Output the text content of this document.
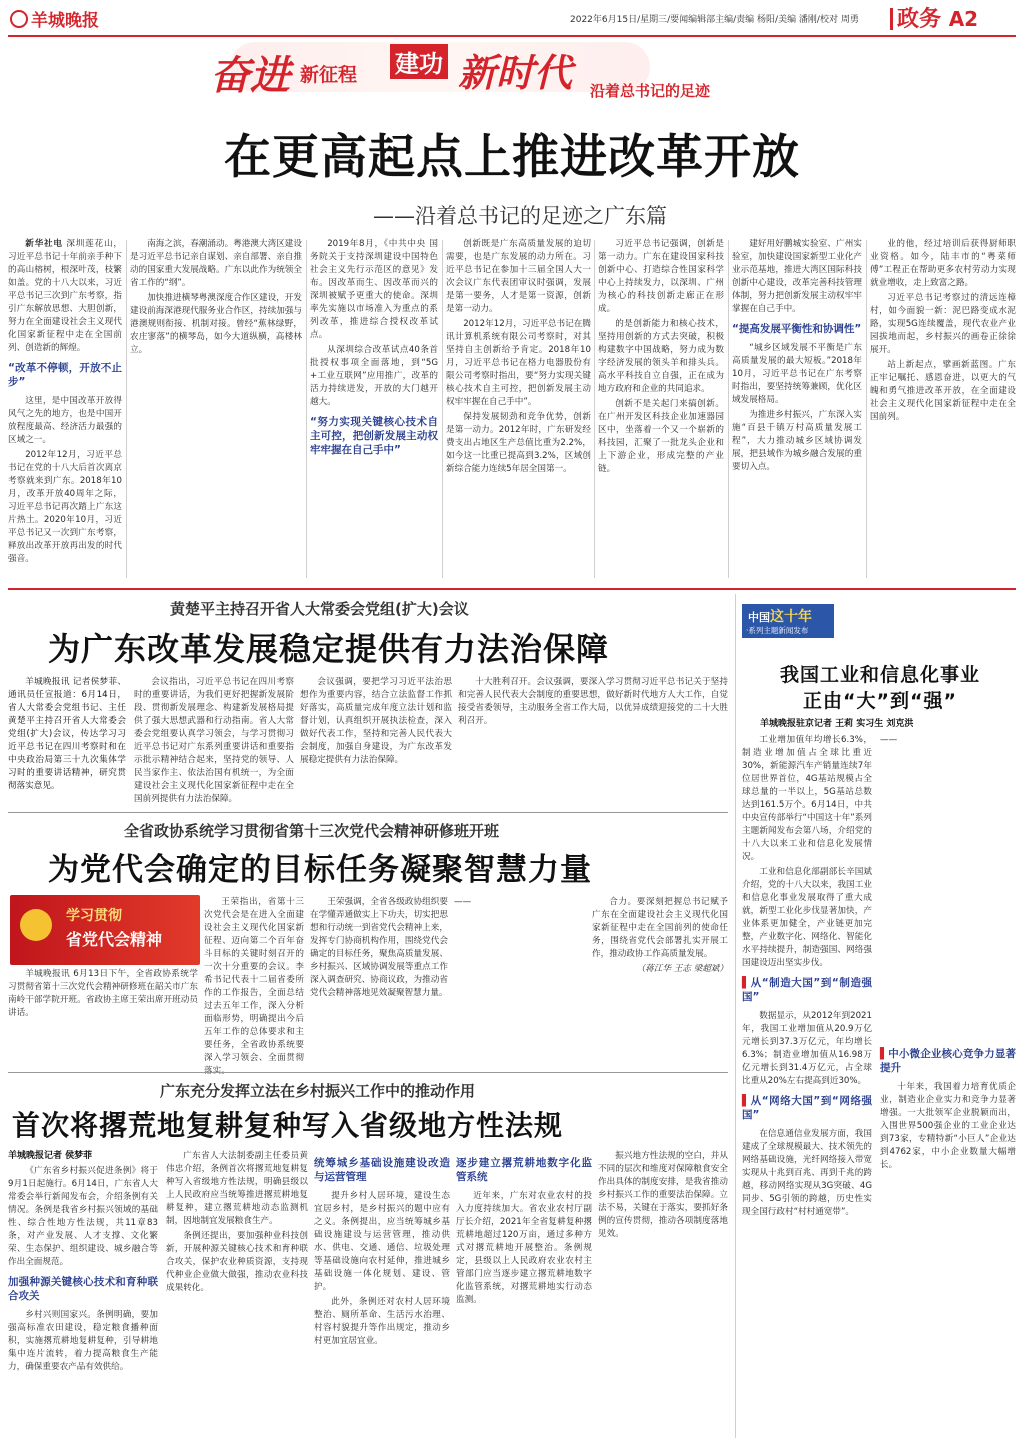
羊城晚报	2022年6月15日/星期三/要闻编辑部主编/责编 杨阳/美编 潘刚/校对 周勇	政务 A2
奋进 新征程 建功 新时代 沿着总书记的足迹
在更高起点上推进改革开放
——沿着总书记的足迹之广东篇

新华社电 深圳莲花山，习近平总书记十年前亲手种下的高山榕树，根深叶茂，枝繁如盖。党的十八大以来，习近平总书记三次到广东考察，指引广东解放思想、大胆创新，努力在全面建设社会主义现代化国家新征程中走在全国前列、创造新的辉煌。

“改革不停顿，开放不止步”

这里，是中国改革开放得风气之先的地方，也是中国开放程度最高、经济活力最强的区域之一。

2012年12月，习近平总书记在党的十八大后首次离京考察就来到广东。2018年10月，改革开放40周年之际，习近平总书记再次踏上广东这片热土。2020年10月，习近平总书记又一次到广东考察，释放出改革开放再出发的时代强音。

南海之滨，春潮涌动。粤港澳大湾区建设是习近平总书记亲自谋划、亲自部署、亲自推动的国家重大发展战略。广东以此作为统领全省工作的“纲”。

加快推进横琴粤澳深度合作区建设，开发建设前海深港现代服务业合作区，持续加强与港澳规则衔接、机制对接。曾经“蕉林绿野，农庄寥落”的横琴岛，如今大道纵横，高楼林立。

2019年8月，《中共中央 国务院关于支持深圳建设中国特色社会主义先行示范区的意见》发布。因改革而生、因改革而兴的深圳被赋予更重大的使命。深圳率先实施以市场准入为重点的系列改革，推进综合授权改革试点。

从深圳综合改革试点40条首批授权事项全面落地，到“5G +工业互联网”应用推广，改革的活力持续迸发，开放的大门越开越大。

“努力实现关键核心技术自主可控，把创新发展主动权牢牢握在自己手中”

创新既是广东高质量发展的迫切需要，也是广东发展的动力所在。习近平总书记在参加十三届全国人大一次会议广东代表团审议时强调，发展是第一要务，人才是第一资源，创新是第一动力。

2012年12月，习近平总书记在腾讯计算机系统有限公司考察时，对其坚持自主创新给予肯定。2018年10月，习近平总书记在格力电器股份有限公司考察时指出，要“努力实现关键核心技术自主可控，把创新发展主动权牢牢握在自己手中”。

保持发展韧劲和竞争优势，创新是第一动力。2012年时，广东研发经费支出占地区生产总值比重为2.2%，如今这一比重已提高到3.2%，区域创新综合能力连续5年居全国第一。

习近平总书记强调，创新是第一动力。广东在建设国家科技创新中心、打造综合性国家科学中心上持续发力，以深圳、广州为核心的科技创新走廊正在形成。

的是创新能力和核心技术，坚持用创新的方式去突破，积极构建数字中国战略，努力成为数字经济发展的领头羊和排头兵。高水平科技自立自强，正在成为地方政府和企业的共同追求。

创新不是关起门来搞创新。在广州开发区科技企业加速器园区中，坐落着一个又一个崭新的科技园，汇聚了一批龙头企业和上下游企业，形成完整的产业链。

建好用好鹏城实验室、广州实验室，加快建设国家新型工业化产业示范基地，推进大湾区国际科技创新中心建设，改革完善科技管理体制，努力把创新发展主动权牢牢掌握在自己手中。

“提高发展平衡性和协调性”

“城乡区域发展不平衡是广东高质量发展的最大短板。”2018年10月，习近平总书记在广东考察时指出，要坚持统筹兼顾，优化区域发展格局。

为推进乡村振兴，广东深入实施“百县千镇万村高质量发展工程”，大力推动城乡区域协调发展，把县域作为城乡融合发展的重要切入点。

业的他，经过培训后获得厨师职业资格。如今，陆丰市的“粤菜师傅”工程正在帮助更多农村劳动力实现就业增收，走上致富之路。

习近平总书记考察过的清远连樟村，如今面貌一新：泥巴路变成水泥路，实现5G连续覆盖，现代农业产业园拔地而起，乡村振兴的画卷正徐徐展开。

站上新起点，擘画新蓝图。广东正牢记嘱托、感恩奋进，以更大的气魄和勇气推进改革开放，在全面建设社会主义现代化国家新征程中走在全国前列。

黄楚平主持召开省人大常委会党组(扩大)会议
为广东改革发展稳定提供有力法治保障

羊城晚报讯 记者侯梦菲、通讯员任宣报道：6月14日，省人大常委会党组书记、主任黄楚平主持召开省人大常委会党组(扩大)会议，传达学习习近平总书记在四川考察时和在中央政治局第三十九次集体学习时的重要讲话精神，研究贯彻落实意见。

会议指出，习近平总书记在四川考察时的重要讲话，为我们更好把握新发展阶段、贯彻新发展理念、构建新发展格局提供了强大思想武器和行动指南。省人大常委会党组要认真学习领会，与学习贯彻习近平总书记对广东系列重要讲话和重要指示批示精神结合起来，坚持党的领导、人民当家作主、依法治国有机统一，为全面建设社会主义现代化国家新征程中走在全国前列提供有力法治保障。

会议强调，要把学习习近平法治思想作为重要内容，结合立法监督工作抓好落实，高质量完成年度立法计划和监督计划，认真组织开展执法检查，深入做好代表工作，坚持和完善人民代表大会制度，加强自身建设，为广东改革发展稳定提供有力法治保障。

十大胜利召开。会议强调，要深入学习贯彻习近平总书记关于坚持和完善人民代表大会制度的重要思想，做好新时代地方人大工作，自觉接受省委领导，主动服务全省工作大局，以优异成绩迎接党的二十大胜利召开。

全省政协系统学习贯彻省第十三次党代会精神研修班开班
为党代会确定的目标任务凝聚智慧力量
学习贯彻
省党代会精神

羊城晚报讯 6月13日下午，全省政协系统学习贯彻省第十三次党代会精神研修班在韶关市广东南岭干部学院开班。省政协主席王荣出席开班动员讲话。

王荣指出，省第十三次党代会是在进入全面建设社会主义现代化国家新征程、迈向第二个百年奋斗目标的关键时刻召开的一次十分重要的会议。李希书记代表十二届省委所作的工作报告，全面总结过去五年工作，深入分析面临形势，明确提出今后五年工作的总体要求和主要任务，全省政协系统要深入学习领会、全面贯彻落实。

王荣强调，全省各级政协组织要在学懂弄通做实上下功夫，切实把思想和行动统一到省党代会精神上来，发挥专门协商机构作用，围绕党代会确定的目标任务，聚焦高质量发展、乡村振兴、区域协调发展等重点工作深入调查研究、协商议政，为推动省党代会精神落地见效凝聚智慧力量。

——	合力。要深刻把握总书记赋予广东在全面建设社会主义现代化国家新征程中走在全国前列的使命任务，围绕省党代会部署扎实开展工作，推动政协工作高质量发展。

（蒋江华 王志 梁超斌）

广东充分发挥立法在乡村振兴工作中的推动作用
首次将撂荒地复耕复种写入省级地方性法规

羊城晚报记者 侯梦菲

《广东省乡村振兴促进条例》将于9月1日起施行。6月14日，广东省人大常委会举行新闻发布会，介绍条例有关情况。条例是我省乡村振兴领域的基础性、综合性地方性法规，共11章83条，对产业发展、人才支撑、文化繁荣、生态保护、组织建设、城乡融合等作出全面规范。

加强种源关键核心技术和育种联合攻关

乡村兴则国家兴。条例明确，要加强高标准农田建设，稳定粮食播种面积，实施撂荒耕地复耕复种，引导耕地集中连片流转，着力提高粮食生产能力，确保重要农产品有效供给。

广东省人大法制委副主任委员黄伟忠介绍，条例首次将撂荒地复耕复种写入省级地方性法规，明确县级以上人民政府应当统筹推进撂荒耕地复耕复种，建立撂荒耕地动态监测机制，因地制宜发展粮食生产。

条例还提出，要加强种业科技创新，开展种源关键核心技术和育种联合攻关，保护农业种质资源，支持现代种业企业做大做强，推动农业科技成果转化。

统筹城乡基础设施建设改造与运营管理

提升乡村人居环境，建设生态宜居乡村，是乡村振兴的题中应有之义。条例提出，应当统筹城乡基础设施建设与运营管理，推动供水、供电、交通、通信、垃圾处理等基础设施向农村延伸，推进城乡基础设施一体化规划、建设、管护。

此外，条例还对农村人居环境整治、厕所革命、生活污水治理、村容村貌提升等作出规定，推动乡村更加宜居宜业。

逐步建立撂荒耕地数字化监管系统

近年来，广东对农业农村的投入力度持续加大。省农业农村厅副厅长介绍，2021年全省复耕复种撂荒耕地超过120万亩，通过多种方式对撂荒耕地开展整治。条例规定，县级以上人民政府农业农村主管部门应当逐步建立撂荒耕地数字化监管系统，对撂荒耕地实行动态监测。

振兴地方性法规的空白，并从不同的层次和维度对保障粮食安全作出具体的制度安排，是我省推动乡村振兴工作的重要法治保障。立法不易，关键在于落实，要抓好条例的宣传贯彻，推动各项制度落地见效。

中国这十年
·系列主题新闻发布
我国工业和信息化事业
正由“大”到“强”
羊城晚报驻京记者 王莉 实习生 刘克洪

工业增加值年均增长6.3%，制造业增加值占全球比重近30%，新能源汽车产销量连续7年位居世界首位，4G基站规模占全球总量的一半以上，5G基站总数达到161.5万个。6月14日，中共中央宣传部举行“中国这十年”系列主题新闻发布会第八场，介绍党的十八大以来工业和信息化发展情况。

工业和信息化部副部长辛国斌介绍，党的十八大以来，我国工业和信息化事业发展取得了重大成就，新型工业化步伐显著加快，产业体系更加健全，产业链更加完整，产业数字化、网络化、智能化水平持续提升，制造强国、网络强国建设迈出坚实步伐。

▌从“制造大国”到“制造强国”

数据显示，从2012年到2021年，我国工业增加值从20.9万亿元增长到37.3万亿元，年均增长6.3%；制造业增加值从16.98万亿元增长到31.4万亿元，占全球比重从20%左右提高到近30%。

▌从“网络大国”到“网络强国”

在信息通信业发展方面，我国建成了全球规模最大、技术领先的网络基础设施，光纤网络接入带宽实现从十兆到百兆、再到千兆的跨越，移动网络实现从3G突破、4G同步、5G引领的跨越，历史性实现全国行政村“村村通宽带”。

——

▌中小微企业核心竞争力显著提升

十年来，我国着力培育优质企业，制造业企业实力和竞争力显著增强。一大批领军企业脱颖而出，入围世界500强企业的工业企业达到73家，专精特新“小巨人”企业达到4762家，中小企业数量大幅增长。
